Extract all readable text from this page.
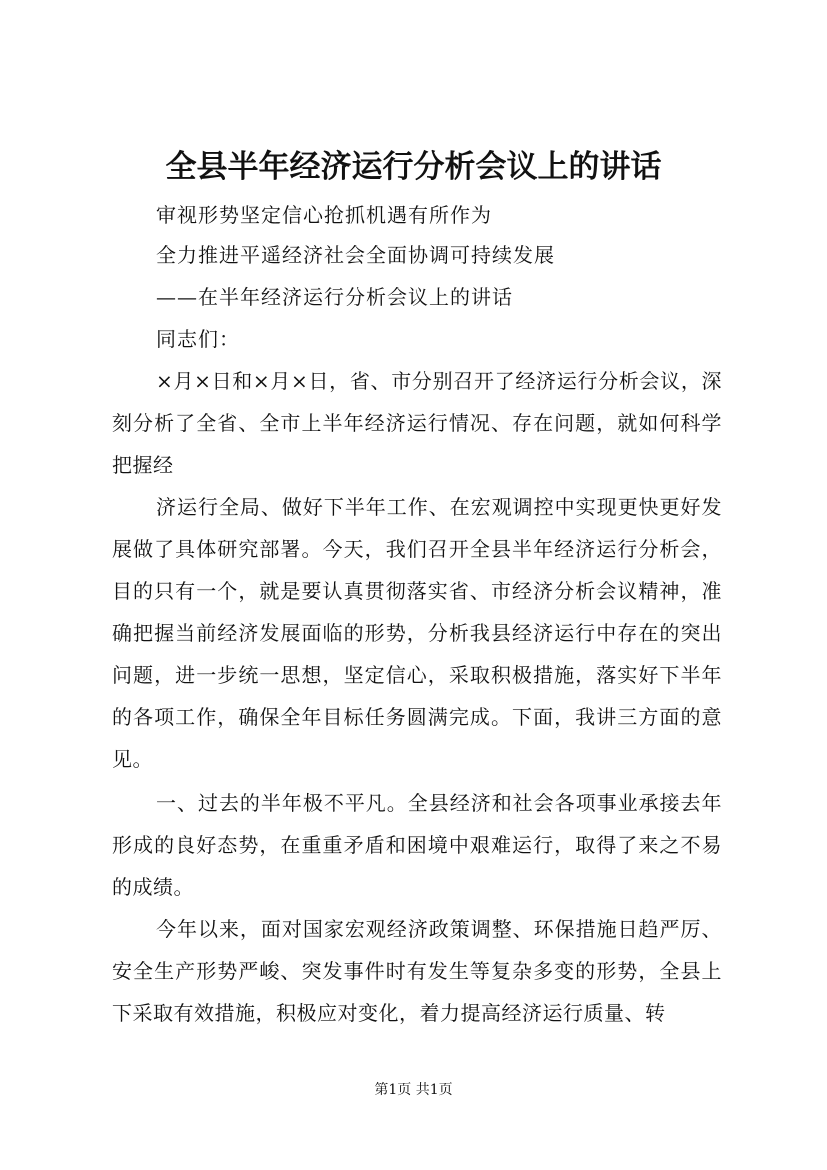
全县半年经济运行分析会议上的讲话
审视形势坚定信心抢抓机遇有所作为
全力推进平遥经济社会全面协调可持续发展
——在半年经济运行分析会议上的讲话
同志们：
×月×日和×月×日，省、市分别召开了经济运行分析会议，深刻分析了全省、全市上半年经济运行情况、存在问题，就如何科学把握经
济运行全局、做好下半年工作、在宏观调控中实现更快更好发展做了具体研究部署。今天，我们召开全县半年经济运行分析会，目的只有一个，就是要认真贯彻落实省、市经济分析会议精神，准确把握当前经济发展面临的形势，分析我县经济运行中存在的突出问题，进一步统一思想，坚定信心，采取积极措施，落实好下半年的各项工作，确保全年目标任务圆满完成。下面，我讲三方面的意见。
一、过去的半年极不平凡。全县经济和社会各项事业承接去年形成的良好态势，在重重矛盾和困境中艰难运行，取得了来之不易的成绩。
今年以来，面对国家宏观经济政策调整、环保措施日趋严厉、安全生产形势严峻、突发事件时有发生等复杂多变的形势，全县上下采取有效措施，积极应对变化，着力提高经济运行质量、转
第1页 共1页
